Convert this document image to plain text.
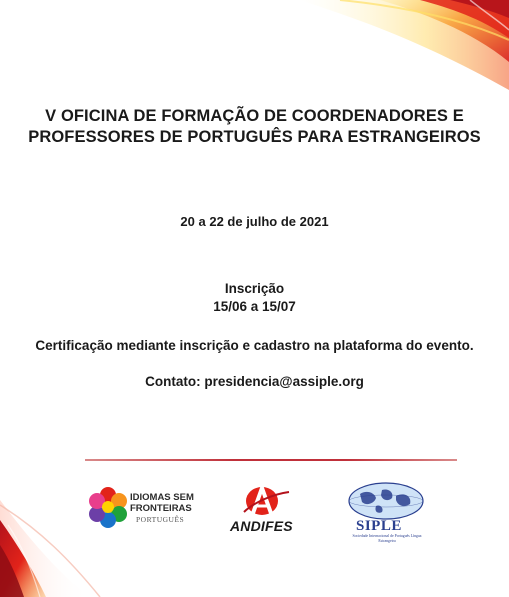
V OFICINA DE FORMAÇÃO DE COORDENADORES E
PROFESSORES DE PORTUGUÊS PARA ESTRANGEIROS
20 a 22 de julho de 2021
Inscrição
15/06 a 15/07
Certificação mediante inscrição e cadastro na plataforma do evento.
Contato: presidencia@assiple.org
IDIOMAS SEM
FRONTEIRAS
PORTUGUÊS	ANDIFES	SIPLE
Sociedade Internacional de Português Língua Estrangeira
